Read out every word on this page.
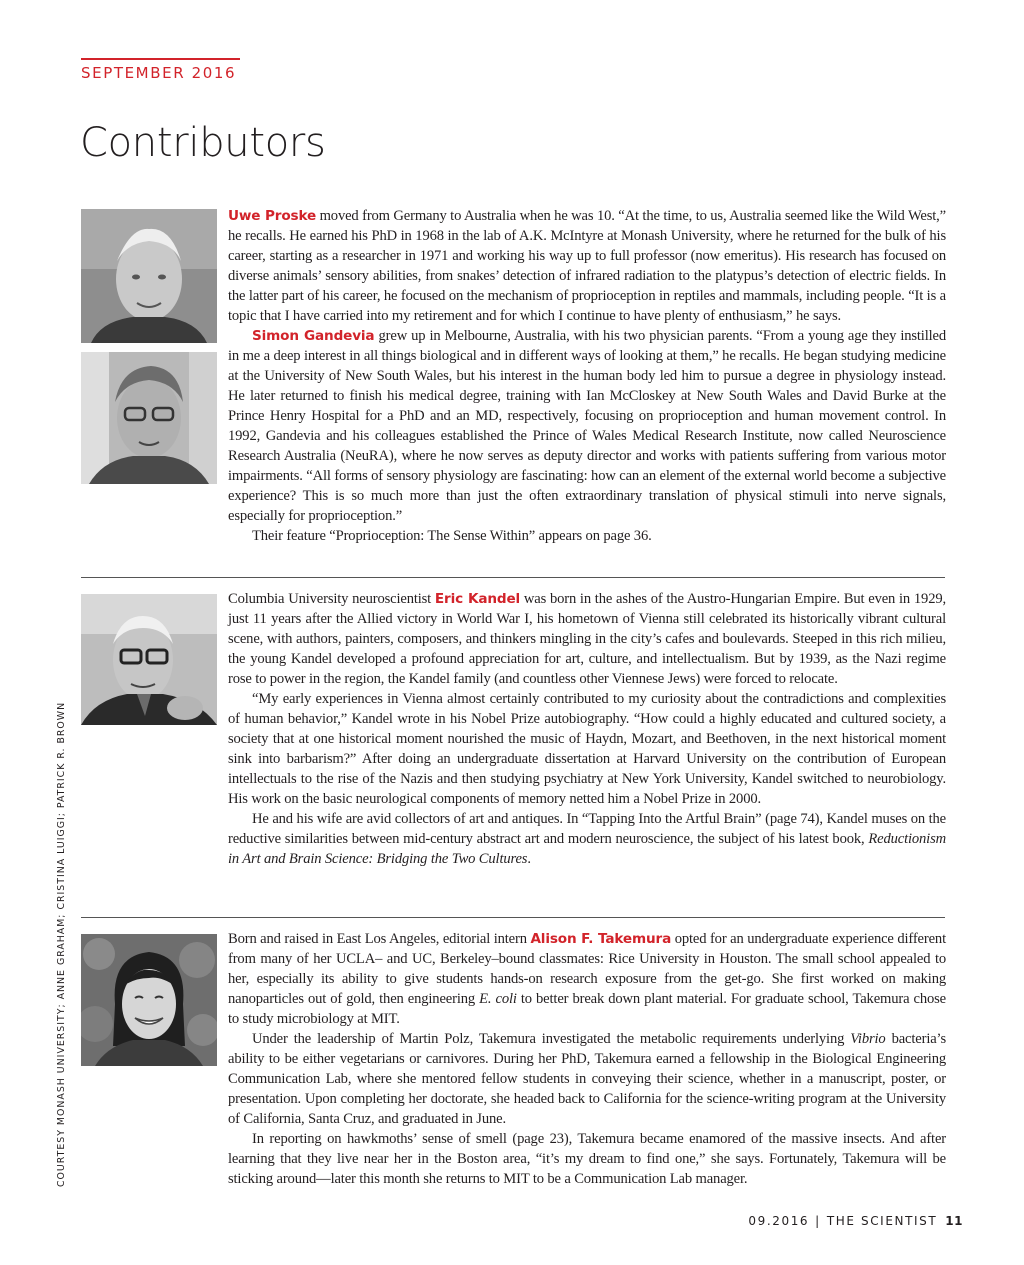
SEPTEMBER 2016
Contributors

Uwe Proske moved from Germany to Australia when he was 10. “At the time, to us, Australia seemed like the Wild West,” he recalls. He earned his PhD in 1968 in the lab of A.K. McIntyre at Monash University, where he returned for the bulk of his career, starting as a researcher in 1971 and working his way up to full professor (now emeritus). His research has focused on diverse animals’ sensory abilities, from snakes’ detection of infrared radiation to the platypus’s detection of electric fields. In the latter part of his career, he focused on the mechanism of proprioception in reptiles and mammals, including people. “It is a topic that I have carried into my retirement and for which I continue to have plenty of enthusiasm,” he says.

Simon Gandevia grew up in Melbourne, Australia, with his two physician parents. “From a young age they instilled in me a deep interest in all things biological and in different ways of looking at them,” he recalls. He began studying medicine at the University of New South Wales, but his interest in the human body led him to pursue a degree in physiology instead. He later returned to finish his medical degree, training with Ian McCloskey at New South Wales and David Burke at the Prince Henry Hospital for a PhD and an MD, respectively, focusing on proprioception and human movement control. In 1992, Gandevia and his colleagues established the Prince of Wales Medical Research Institute, now called Neuroscience Research Australia (NeuRA), where he now serves as deputy director and works with patients suffering from various motor impairments. “All forms of sensory physiology are fascinating: how can an element of the external world become a subjective experience? This is so much more than just the often extraordinary translation of physical stimuli into nerve signals, especially for proprioception.”

Their feature “Proprioception: The Sense Within” appears on page 36.

Columbia University neuroscientist Eric Kandel was born in the ashes of the Austro-Hungarian Empire. But even in 1929, just 11 years after the Allied victory in World War I, his hometown of Vienna still celebrated its historically vibrant cultural scene, with authors, painters, composers, and thinkers mingling in the city’s cafes and boulevards. Steeped in this rich milieu, the young Kandel developed a profound appreciation for art, culture, and intellectualism. But by 1939, as the Nazi regime rose to power in the region, the Kandel family (and countless other Viennese Jews) were forced to relocate.

“My early experiences in Vienna almost certainly contributed to my curiosity about the contradictions and complexities of human behavior,” Kandel wrote in his Nobel Prize autobiography. “How could a highly educated and cultured society, a society that at one historical moment nourished the music of Haydn, Mozart, and Beethoven, in the next historical moment sink into barbarism?” After doing an undergraduate dissertation at Harvard University on the contribution of European intellectuals to the rise of the Nazis and then studying psychiatry at New York University, Kandel switched to neurobiology. His work on the basic neurological components of memory netted him a Nobel Prize in 2000.

He and his wife are avid collectors of art and antiques. In “Tapping Into the Artful Brain” (page 74), Kandel muses on the reductive similarities between mid-century abstract art and modern neuroscience, the subject of his latest book, Reductionism in Art and Brain Science: Bridging the Two Cultures.

Born and raised in East Los Angeles, editorial intern Alison F. Takemura opted for an undergraduate experience different from many of her UCLA– and UC, Berkeley–bound classmates: Rice University in Houston. The small school appealed to her, especially its ability to give students hands-on research exposure from the get-go. She first worked on making nanoparticles out of gold, then engineering E. coli to better break down plant material. For graduate school, Takemura chose to study microbiology at MIT.

Under the leadership of Martin Polz, Takemura investigated the metabolic requirements underlying Vibrio bacteria’s ability to be either vegetarians or carnivores. During her PhD, Takemura earned a fellowship in the Biological Engineering Communication Lab, where she mentored fellow students in conveying their science, whether in a manuscript, poster, or presentation. Upon completing her doctorate, she headed back to California for the science-writing program at the University of California, Santa Cruz, and graduated in June.

In reporting on hawkmoths’ sense of smell (page 23), Takemura became enamored of the massive insects. And after learning that they live near her in the Boston area, “it’s my dream to find one,” she says. Fortunately, Takemura will be sticking around—later this month she returns to MIT to be a Communication Lab manager.

COURTESY MONASH UNIVERSITY; ANNE GRAHAM; CRISTINA LUIGGI; PATRICK R. BROWN
09.2016 | THE SCIENTIST 11
